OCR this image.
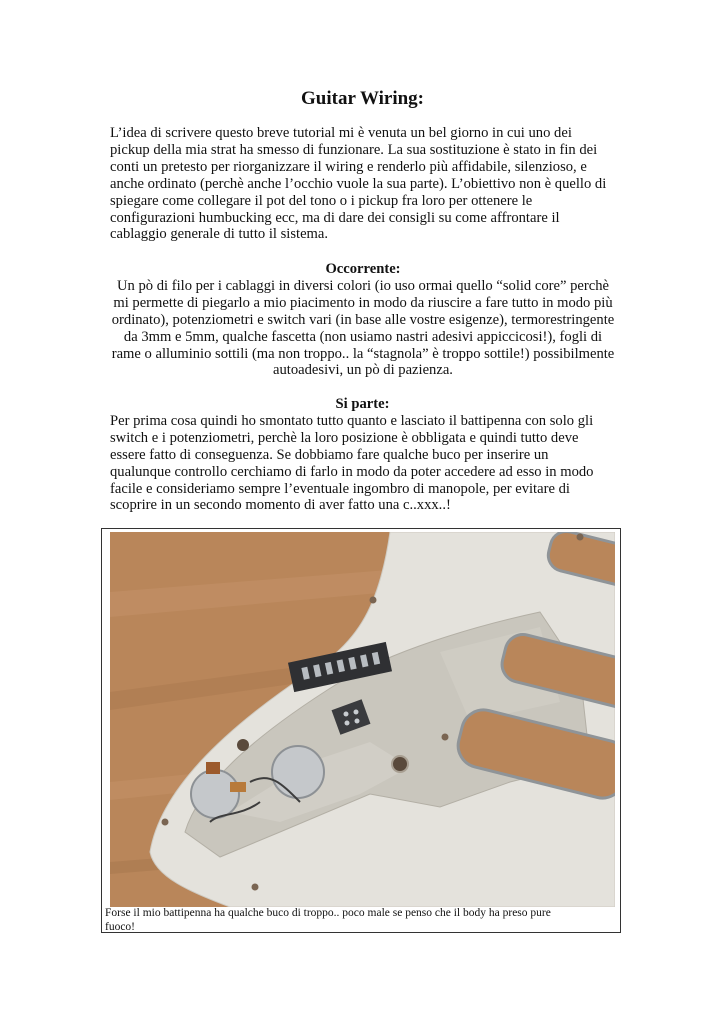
Guitar Wiring:
L’idea di scrivere questo breve tutorial mi è venuta un bel giorno in cui uno dei
pickup della mia strat ha smesso di funzionare. La sua sostituzione è stato in fin dei
conti un pretesto per riorganizzare il wiring e renderlo più affidabile, silenzioso, e
anche ordinato (perchè anche l’occhio vuole la sua parte). L’obiettivo non è quello di
spiegare come collegare il pot del tono o i pickup fra loro per ottenere le
configurazioni humbucking ecc, ma di dare dei consigli su come affrontare il
cablaggio generale di tutto il sistema.
Occorrente:
Un pò di filo per i cablaggi in diversi colori (io uso ormai quello “solid core” perchè
mi permette di piegarlo a mio piacimento in modo da riuscire a fare tutto in modo più
ordinato), potenziometri e switch vari (in base alle vostre esigenze), termorestringente
da 3mm e 5mm, qualche fascetta (non usiamo nastri adesivi appiccicosi!), fogli di
rame o alluminio sottili (ma non troppo.. la “stagnola” è troppo sottile!) possibilmente
autoadesivi, un pò di pazienza.
Si parte:
Per prima cosa quindi ho smontato tutto quanto e lasciato il battipenna con solo gli
switch e i potenziometri, perchè la loro posizione è obbligata e quindi tutto deve
essere fatto di conseguenza. Se dobbiamo fare qualche buco per inserire un
qualunque controllo cerchiamo di farlo in modo da poter accedere ad esso in modo
facile e consideriamo sempre l’eventuale ingombro di manopole, per evitare di
scoprire in un secondo momento di aver fatto una c..xxx..!
Forse il mio battipenna ha qualche buco di troppo.. poco male se penso che il body ha preso pure
fuoco!
